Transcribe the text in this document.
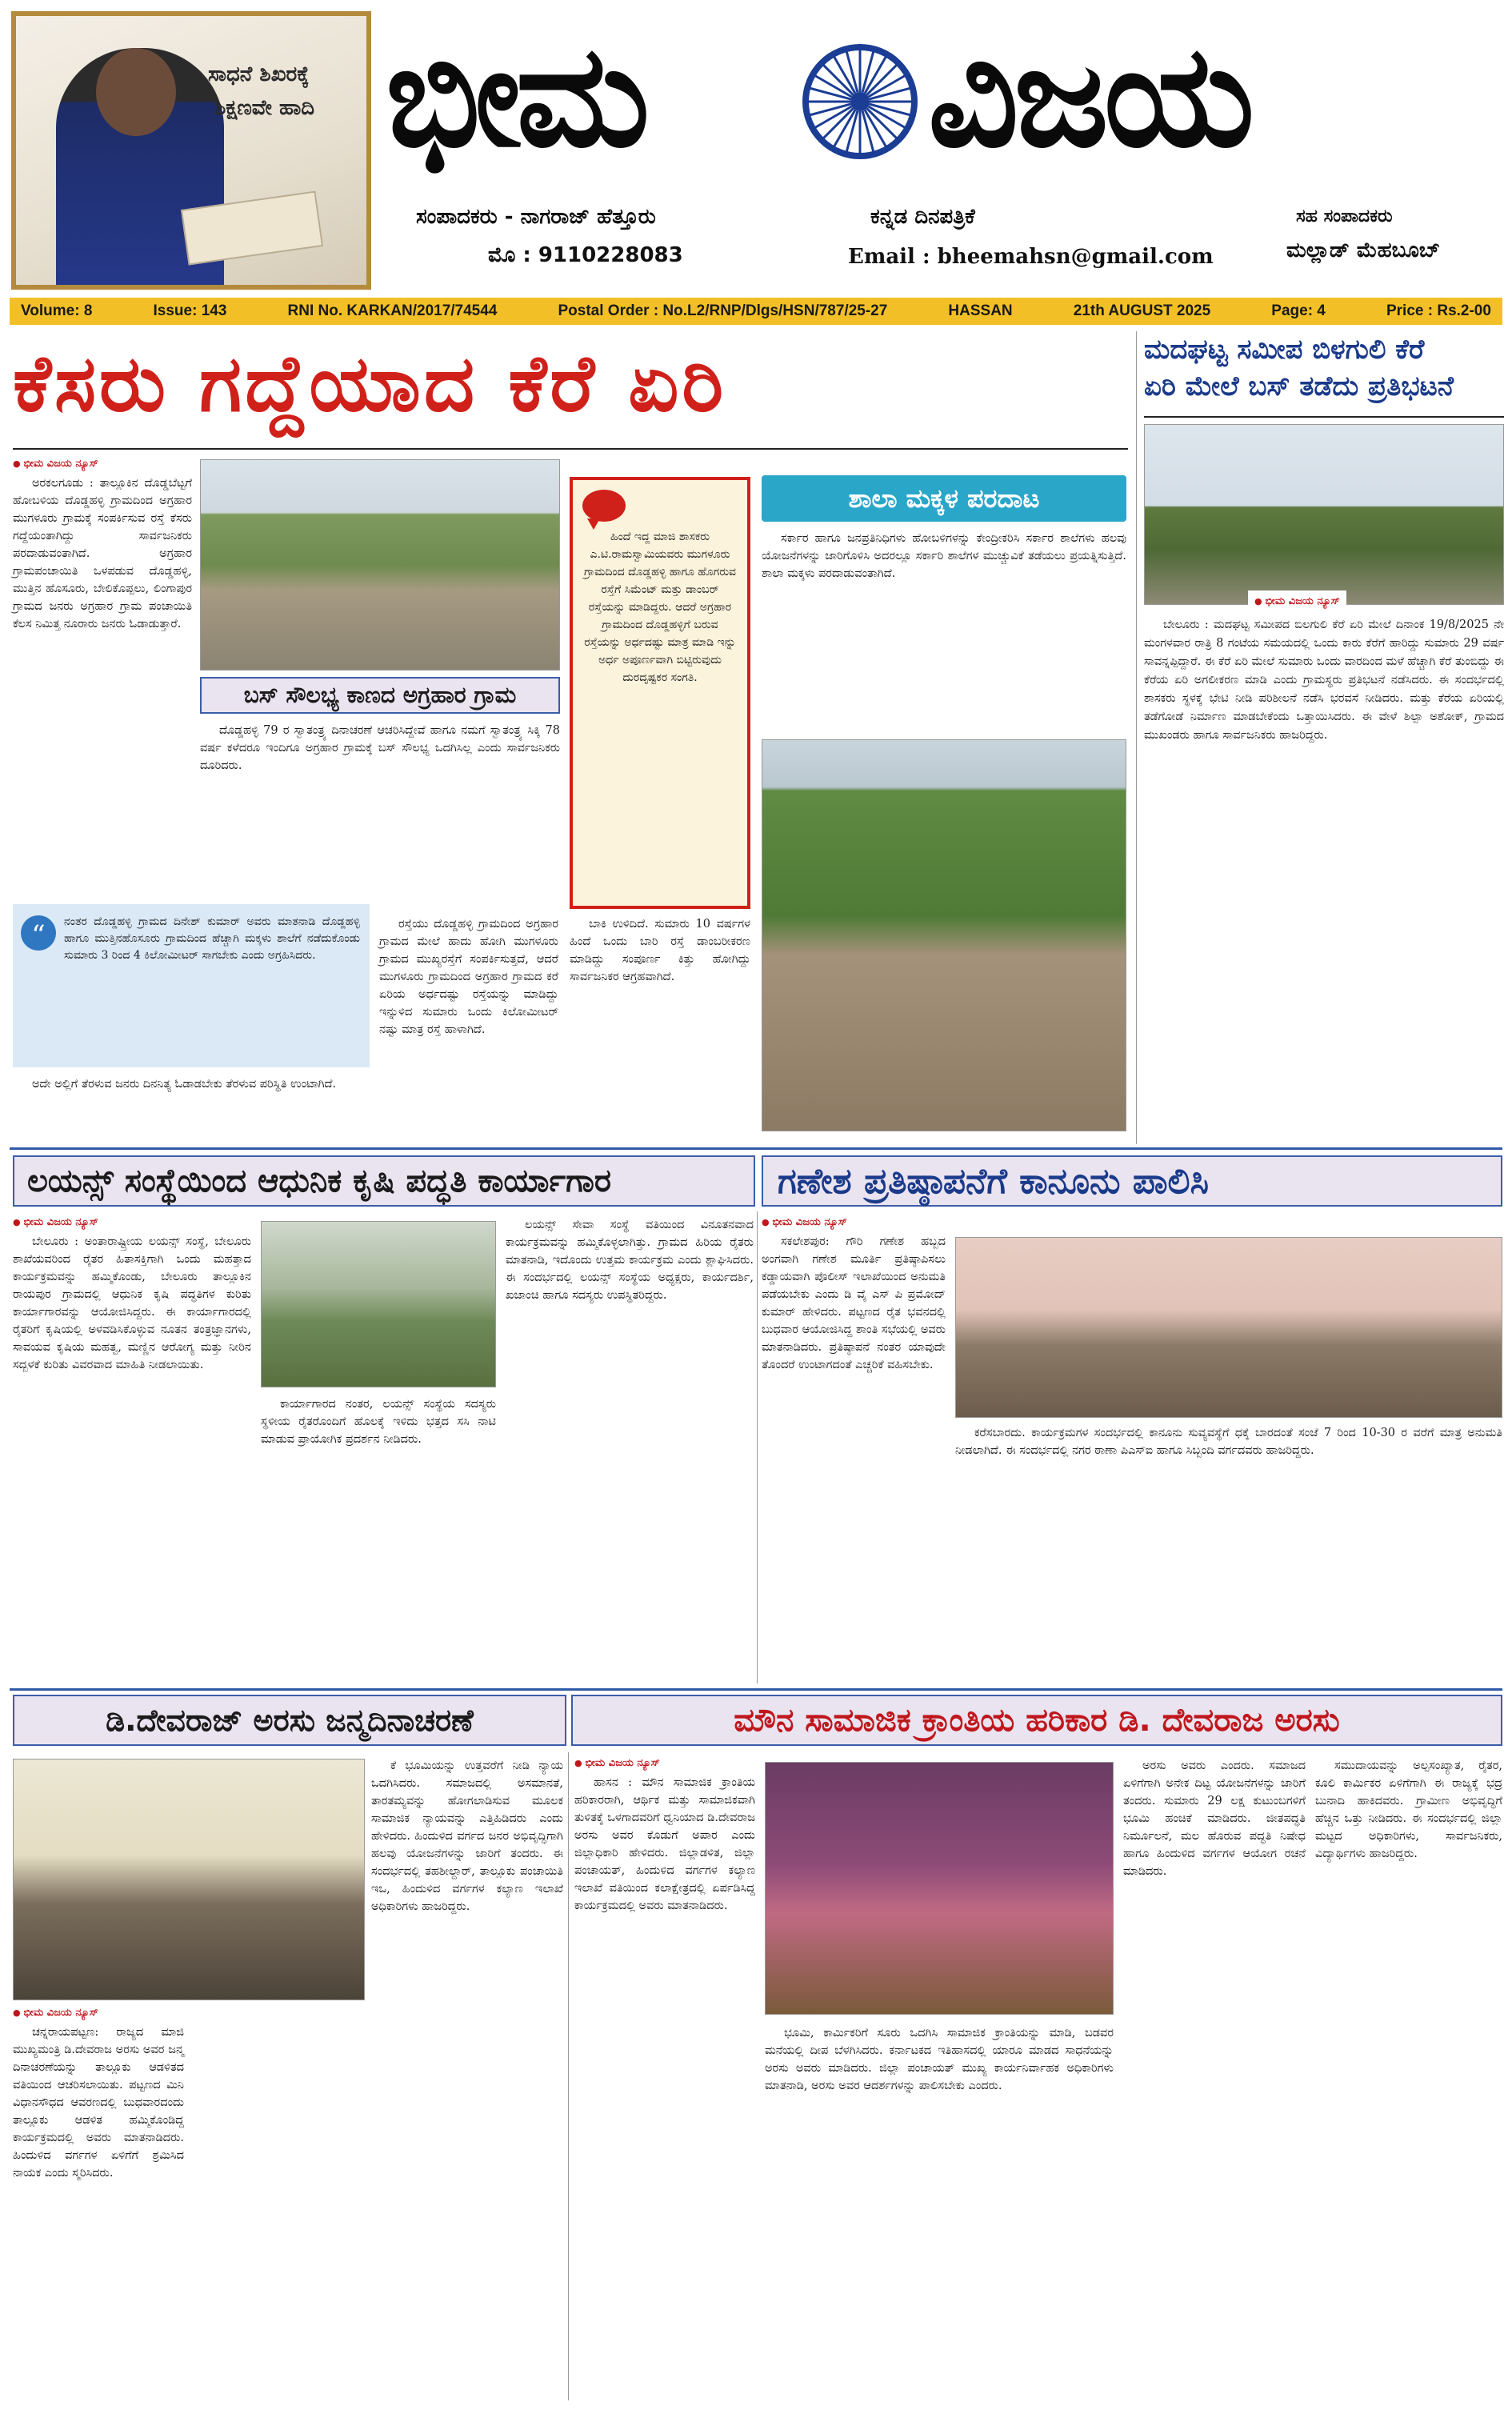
ಸಾಧನೆ ಶಿಖರಕ್ಕೆ
ಶಿಕ್ಷಣವೇ ಹಾದಿ ಭೀಮ ವಿಜಯ
ಸಂಪಾದಕರು - ನಾಗರಾಜ್ ಹೆತ್ತೂರು	ಕನ್ನಡ ದಿನಪತ್ರಿಕೆ	ಸಹ ಸಂಪಾದಕರು
ಮೊ : 9110228083	Email : bheemahsn@gmail.com	ಮಲ್ಲಾಡ್ ಮೆಹಬೂಬ್
Volume: 8	Issue: 143	RNI No. KARKAN/2017/74544	Postal Order : No.L2/RNP/Dlgs/HSN/787/25-27	HASSAN	21th AUGUST 2025	Page: 4	Price : Rs.2-00
ಕೆಸರು ಗದ್ದೆಯಾದ ಕೆರೆ ಏರಿ
● ಭೀಮ ವಿಜಯ ನ್ಯೂಸ್

ಅರಕಲಗೂಡು : ತಾಲ್ಲೂಕಿನ ದೊಡ್ಡಬೆಟ್ಟಗೆ ಹೋಬಳಿಯ ದೊಡ್ಡಹಳ್ಳಿ ಗ್ರಾಮದಿಂದ ಅಗ್ರಹಾರ ಮುಗಳೂರು ಗ್ರಾಮಕ್ಕೆ ಸಂಪರ್ಕಿಸುವ ರಸ್ತೆ ಕೆಸರು ಗದ್ದೆಯಂತಾಗಿದ್ದು ಸಾರ್ವಜನಿಕರು ಪರದಾಡುವಂತಾಗಿದೆ. ಅಗ್ರಹಾರ ಗ್ರಾಮಪಂಚಾಯಿತಿ ಒಳಪಡುವ ದೊಡ್ಡಹಳ್ಳಿ, ಮುತ್ತಿನ ಹೊಸೂರು, ಬೇಲಿಕೊಪ್ಪಲು, ಲಿಂಗಾಪುರ ಗ್ರಾಮದ ಜನರು ಅಗ್ರಹಾರ ಗ್ರಾಮ ಪಂಚಾಯಿತಿ ಕೆಲಸ ನಿಮಿತ್ತ ನೂರಾರು ಜನರು ಓಡಾಡುತ್ತಾರೆ.

ಬಸ್ ಸೌಲಭ್ಯ ಕಾಣದ ಅಗ್ರಹಾರ ಗ್ರಾಮ

ದೊಡ್ಡಹಳ್ಳಿ 79 ರ ಸ್ವಾತಂತ್ರ್ಯ ದಿನಾಚರಣೆ ಆಚರಿಸಿದ್ದೇವೆ ಹಾಗೂ ನಮಗೆ ಸ್ವಾತಂತ್ರ್ಯ ಸಿಕ್ಕಿ 78 ವರ್ಷ ಕಳೆದರೂ ಇಂದಿಗೂ ಅಗ್ರಹಾರ ಗ್ರಾಮಕ್ಕೆ ಬಸ್ ಸೌಲಭ್ಯ ಒದಗಿಸಿಲ್ಲ ಎಂದು ಸಾರ್ವಜನಿಕರು ದೂರಿದರು.

“	ನಂತರ ದೊಡ್ಡಹಳ್ಳಿ ಗ್ರಾಮದ ದಿನೇಶ್ ಕುಮಾರ್ ಅವರು ಮಾತನಾಡಿ ದೊಡ್ಡಹಳ್ಳಿ ಹಾಗೂ ಮುತ್ತಿನಹೊಸೂರು ಗ್ರಾಮದಿಂದ ಹೆಚ್ಚಾಗಿ ಮಕ್ಕಳು ಶಾಲೆಗೆ ನಡೆದುಕೊಂಡು ಸುಮಾರು 3 ರಿಂದ 4 ಕಿಲೋಮೀಟರ್ ಸಾಗಬೇಕು ಎಂದು ಅಗ್ರಹಿಸಿದರು.

ಅದೇ ಅಲ್ಲಿಗೆ ತೆರಳುವ ಜನರು ದಿನನಿತ್ಯ ಓಡಾಡಬೇಕು ತೆರಳುವ ಪರಿಸ್ಥಿತಿ ಉಂಟಾಗಿದೆ.

ರಸ್ತೆಯು ದೊಡ್ಡಹಳ್ಳಿ ಗ್ರಾಮದಿಂದ ಅಗ್ರಹಾರ ಗ್ರಾಮದ ಮೇಲೆ ಹಾದು ಹೋಗಿ ಮುಗಳೂರು ಗ್ರಾಮದ ಮುಖ್ಯರಸ್ತೆಗೆ ಸಂಪರ್ಕಿಸುತ್ತದೆ, ಆದರೆ ಮುಗಳೂರು ಗ್ರಾಮದಿಂದ ಅಗ್ರಹಾರ ಗ್ರಾಮದ ಕರೆ ಏರಿಯ ಅರ್ಧದಷ್ಟು ರಸ್ತೆಯನ್ನು ಮಾಡಿದ್ದು ಇನ್ನುಳಿದ ಸುಮಾರು ಒಂದು ಕಿಲೋಮೀಟರ್ ನಷ್ಟು ಮಾತ್ರ ರಸ್ತೆ ಹಾಳಾಗಿದೆ.

ಹಿಂದೆ ಇದ್ದ ಮಾಜಿ ಶಾಸಕರು ಎ.ಟಿ.ರಾಮಸ್ವಾಮಿಯವರು ಮುಗಳೂರು ಗ್ರಾಮದಿಂದ ದೊಡ್ಡಹಳ್ಳಿ ಹಾಗೂ ಹೊಗರುವ ರಸ್ತೆಗೆ ಸಿಮೆಂಟ್ ಮತ್ತು ಡಾಂಬರ್ ರಸ್ತೆಯನ್ನು ಮಾಡಿದ್ದರು. ಆದರೆ ಅಗ್ರಹಾರ ಗ್ರಾಮದಿಂದ ದೊಡ್ಡಹಳ್ಳಿಗೆ ಬರುವ ರಸ್ತೆಯನ್ನು ಅರ್ಧದಷ್ಟು ಮಾತ್ರ ಮಾಡಿ ಇನ್ನು ಅರ್ಧ ಅಪೂರ್ಣವಾಗಿ ಬಿಟ್ಟಿರುವುದು ದುರದೃಷ್ಟಕರ ಸಂಗತಿ.

ಬಾಕಿ ಉಳಿದಿದೆ. ಸುಮಾರು 10 ವರ್ಷಗಳ ಹಿಂದೆ ಒಂದು ಬಾರಿ ರಸ್ತೆ ಡಾಂಬರೀಕರಣ ಮಾಡಿದ್ದು ಸಂಪೂರ್ಣ ಕಿತ್ತು ಹೋಗಿದ್ದು ಸಾರ್ವಜನಿಕರ ಆಗ್ರಹವಾಗಿದೆ.

ಶಾಲಾ ಮಕ್ಕಳ ಪರದಾಟ

ಸರ್ಕಾರ ಹಾಗೂ ಜನಪ್ರತಿನಿಧಿಗಳು ಹೋಬಳಿಗಳನ್ನು ಕೇಂದ್ರೀಕರಿಸಿ ಸರ್ಕಾರ ಶಾಲೆಗಳು ಹಲವು ಯೋಜನೆಗಳನ್ನು ಜಾರಿಗೊಳಿಸಿ ಅದರಲ್ಲೂ ಸರ್ಕಾರಿ ಶಾಲೆಗಳ ಮುಚ್ಚುವಿಕೆ ತಡೆಯಲು ಪ್ರಯತ್ನಿಸುತ್ತಿದೆ. ಶಾಲಾ ಮಕ್ಕಳು ಪರದಾಡುವಂತಾಗಿದೆ.

ಮದಘಟ್ಟ ಸಮೀಪ ಬಿಳಗುಲಿ ಕೆರೆ
ಏರಿ ಮೇಲೆ ಬಸ್ ತಡೆದು ಪ್ರತಿಭಟನೆ
● ಭೀಮ ವಿಜಯ ನ್ಯೂಸ್

ಬೇಲೂರು : ಮದಘಟ್ಟ ಸಮೀಪದ ಬಿಲಗುಲಿ ಕೆರೆ ಏರಿ ಮೇಲೆ ದಿನಾಂಕ 19/8/2025 ನೇ ಮಂಗಳವಾರ ರಾತ್ರಿ 8 ಗಂಟೆಯ ಸಮಯದಲ್ಲಿ ಒಂದು ಕಾರು ಕೆರೆಗೆ ಹಾರಿದ್ದು ಸುಮಾರು 29 ವರ್ಷ ಸಾವನ್ನಪ್ಪಿದ್ದಾರೆ. ಈ ಕೆರೆ ಏರಿ ಮೇಲೆ ಸುಮಾರು ಒಂದು ವಾರದಿಂದ ಮಳೆ ಹೆಚ್ಚಾಗಿ ಕೆರೆ ತುಂಬಿದ್ದು ಈ ಕೆರೆಯ ಏರಿ ಅಗಲೀಕರಣ ಮಾಡಿ ಎಂದು ಗ್ರಾಮಸ್ಥರು ಪ್ರತಿಭಟನೆ ನಡೆಸಿದರು. ಈ ಸಂದರ್ಭದಲ್ಲಿ ಶಾಸಕರು ಸ್ಥಳಕ್ಕೆ ಭೇಟಿ ನೀಡಿ ಪರಿಶೀಲನೆ ನಡೆಸಿ ಭರವಸೆ ನೀಡಿದರು. ಮತ್ತು ಕೆರೆಯ ಏರಿಯಲ್ಲಿ ತಡೆಗೋಡೆ ನಿರ್ಮಾಣ ಮಾಡಬೇಕೆಂದು ಒತ್ತಾಯಿಸಿದರು. ಈ ವೇಳೆ ಶಿಲ್ಪಾ ಅಶೋಕ್, ಗ್ರಾಮದ ಮುಖಂಡರು ಹಾಗೂ ಸಾರ್ವಜನಿಕರು ಹಾಜರಿದ್ದರು.

ಲಯನ್ಸ್ ಸಂಸ್ಥೆಯಿಂದ ಆಧುನಿಕ ಕೃಷಿ ಪದ್ಧತಿ ಕಾರ್ಯಾಗಾರ	ಗಣೇಶ ಪ್ರತಿಷ್ಠಾಪನೆಗೆ ಕಾನೂನು ಪಾಲಿಸಿ
● ಭೀಮ ವಿಜಯ ನ್ಯೂಸ್

ಬೇಲೂರು : ಅಂತಾರಾಷ್ಟ್ರೀಯ ಲಯನ್ಸ್ ಸಂಸ್ಥೆ, ಬೇಲೂರು ಶಾಖೆಯವರಿಂದ ರೈತರ ಹಿತಾಸಕ್ತಿಗಾಗಿ ಒಂದು ಮಹತ್ತಾದ ಕಾರ್ಯಕ್ರಮವನ್ನು ಹಮ್ಮಿಕೊಂಡು, ಬೇಲೂರು ತಾಲ್ಲೂಕಿನ ರಾಯಪುರ ಗ್ರಾಮದಲ್ಲಿ ಆಧುನಿಕ ಕೃಷಿ ಪದ್ಧತಿಗಳ ಕುರಿತು ಕಾರ್ಯಾಗಾರವನ್ನು ಆಯೋಜಿಸಿದ್ದರು. ಈ ಕಾರ್ಯಾಗಾರದಲ್ಲಿ ರೈತರಿಗೆ ಕೃಷಿಯಲ್ಲಿ ಅಳವಡಿಸಿಕೊಳ್ಳುವ ನೂತನ ತಂತ್ರಜ್ಞಾನಗಳು, ಸಾವಯವ ಕೃಷಿಯ ಮಹತ್ವ, ಮಣ್ಣಿನ ಆರೋಗ್ಯ ಮತ್ತು ನೀರಿನ ಸದ್ಬಳಕೆ ಕುರಿತು ವಿವರವಾದ ಮಾಹಿತಿ ನೀಡಲಾಯಿತು.

ಕಾರ್ಯಾಗಾರದ ನಂತರ, ಲಯನ್ಸ್ ಸಂಸ್ಥೆಯ ಸದಸ್ಯರು ಸ್ಥಳೀಯ ರೈತರೊಂದಿಗೆ ಹೊಲಕ್ಕೆ ಇಳಿದು ಭತ್ತದ ಸಸಿ ನಾಟಿ ಮಾಡುವ ಪ್ರಾಯೋಗಿಕ ಪ್ರದರ್ಶನ ನೀಡಿದರು.

ಲಯನ್ಸ್ ಸೇವಾ ಸಂಸ್ಥೆ ವತಿಯಿಂದ ವಿನೂತನವಾದ ಕಾರ್ಯಕ್ರಮವನ್ನು ಹಮ್ಮಿಕೊಳ್ಳಲಾಗಿತ್ತು. ಗ್ರಾಮದ ಹಿರಿಯ ರೈತರು ಮಾತನಾಡಿ, ಇದೊಂದು ಉತ್ತಮ ಕಾರ್ಯಕ್ರಮ ಎಂದು ಶ್ಲಾಘಿಸಿದರು. ಈ ಸಂದರ್ಭದಲ್ಲಿ ಲಯನ್ಸ್ ಸಂಸ್ಥೆಯ ಅಧ್ಯಕ್ಷರು, ಕಾರ್ಯದರ್ಶಿ, ಖಜಾಂಚಿ ಹಾಗೂ ಸದಸ್ಯರು ಉಪಸ್ಥಿತರಿದ್ದರು.

● ಭೀಮ ವಿಜಯ ನ್ಯೂಸ್

ಸಕಲೇಶಪುರ: ಗೌರಿ ಗಣೇಶ ಹಬ್ಬದ ಅಂಗವಾಗಿ ಗಣೇಶ ಮೂರ್ತಿ ಪ್ರತಿಷ್ಠಾಪಿಸಲು ಕಡ್ಡಾಯವಾಗಿ ಪೊಲೀಸ್ ಇಲಾಖೆಯಿಂದ ಅನುಮತಿ ಪಡೆಯಬೇಕು ಎಂದು ಡಿ ವೈ ಎಸ್ ಪಿ ಪ್ರಮೋದ್ ಕುಮಾರ್ ಹೇಳಿದರು. ಪಟ್ಟಣದ ರೈತ ಭವನದಲ್ಲಿ ಬುಧವಾರ ಆಯೋಜಿಸಿದ್ದ ಶಾಂತಿ ಸಭೆಯಲ್ಲಿ ಅವರು ಮಾತನಾಡಿದರು. ಪ್ರತಿಷ್ಠಾಪನೆ ನಂತರ ಯಾವುದೇ ತೊಂದರೆ ಉಂಟಾಗದಂತೆ ಎಚ್ಚರಿಕೆ ವಹಿಸಬೇಕು.

ಕರೆಸಬಾರದು. ಕಾರ್ಯಕ್ರಮಗಳ ಸಂದರ್ಭದಲ್ಲಿ ಕಾನೂನು ಸುವ್ಯವಸ್ಥೆಗೆ ಧಕ್ಕೆ ಬಾರದಂತೆ ಸಂಜೆ 7 ರಿಂದ 10-30 ರ ವರೆಗೆ ಮಾತ್ರ ಅನುಮತಿ ನೀಡಲಾಗಿದೆ. ಈ ಸಂದರ್ಭದಲ್ಲಿ ನಗರ ಠಾಣಾ ಪಿಎಸ್ಐ ಹಾಗೂ ಸಿಬ್ಬಂದಿ ವರ್ಗದವರು ಹಾಜರಿದ್ದರು.

ಡಿ.ದೇವರಾಜ್ ಅರಸು ಜನ್ಮದಿನಾಚರಣೆ	ಮೌನ ಸಾಮಾಜಿಕ ಕ್ರಾಂತಿಯ ಹರಿಕಾರ ಡಿ. ದೇವರಾಜ ಅರಸು
● ಭೀಮ ವಿಜಯ ನ್ಯೂಸ್

ಚನ್ನರಾಯಪಟ್ಟಣ: ರಾಜ್ಯದ ಮಾಜಿ ಮುಖ್ಯಮಂತ್ರಿ ಡಿ.ದೇವರಾಜ ಅರಸು ಅವರ ಜನ್ಮ ದಿನಾಚರಣೆಯನ್ನು ತಾಲ್ಲೂಕು ಆಡಳಿತದ ವತಿಯಿಂದ ಆಚರಿಸಲಾಯಿತು. ಪಟ್ಟಣದ ಮಿನಿ ವಿಧಾನಸೌಧದ ಆವರಣದಲ್ಲಿ ಬುಧವಾರದಂದು ತಾಲ್ಲೂಕು ಆಡಳಿತ ಹಮ್ಮಿಕೊಂಡಿದ್ದ ಕಾರ್ಯಕ್ರಮದಲ್ಲಿ ಅವರು ಮಾತನಾಡಿದರು. ಹಿಂದುಳಿದ ವರ್ಗಗಳ ಏಳಿಗೆಗೆ ಶ್ರಮಿಸಿದ ನಾಯಕ ಎಂದು ಸ್ಮರಿಸಿದರು.

ಕೆ ಭೂಮಿಯನ್ನು ಉತ್ತವರೆಗೆ ನೀಡಿ ನ್ಯಾಯ ಒದಗಿಸಿದರು. ಸಮಾಜದಲ್ಲಿ ಅಸಮಾನತೆ, ತಾರತಮ್ಯವನ್ನು ಹೋಗಲಾಡಿಸುವ ಮೂಲಕ ಸಾಮಾಜಿಕ ನ್ಯಾಯವನ್ನು ಎತ್ತಿಹಿಡಿದರು ಎಂದು ಹೇಳಿದರು. ಹಿಂದುಳಿದ ವರ್ಗದ ಜನರ ಅಭಿವೃದ್ಧಿಗಾಗಿ ಹಲವು ಯೋಜನೆಗಳನ್ನು ಜಾರಿಗೆ ತಂದರು. ಈ ಸಂದರ್ಭದಲ್ಲಿ ತಹಶೀಲ್ದಾರ್, ತಾಲ್ಲೂಕು ಪಂಚಾಯಿತಿ ಇಒ, ಹಿಂದುಳಿದ ವರ್ಗಗಳ ಕಲ್ಯಾಣ ಇಲಾಖೆ ಅಧಿಕಾರಿಗಳು ಹಾಜರಿದ್ದರು.

● ಭೀಮ ವಿಜಯ ನ್ಯೂಸ್

ಹಾಸನ : ಮೌನ ಸಾಮಾಜಿಕ ಕ್ರಾಂತಿಯ ಹರಿಕಾರರಾಗಿ, ಆರ್ಥಿಕ ಮತ್ತು ಸಾಮಾಜಿಕವಾಗಿ ತುಳಿತಕ್ಕೆ ಒಳಗಾದವರಿಗೆ ಧ್ವನಿಯಾದ ಡಿ.ದೇವರಾಜ ಅರಸು ಅವರ ಕೊಡುಗೆ ಅಪಾರ ಎಂದು ಜಿಲ್ಲಾಧಿಕಾರಿ ಹೇಳಿದರು. ಜಿಲ್ಲಾಡಳಿತ, ಜಿಲ್ಲಾ ಪಂಚಾಯತ್, ಹಿಂದುಳಿದ ವರ್ಗಗಳ ಕಲ್ಯಾಣ ಇಲಾಖೆ ವತಿಯಿಂದ ಕಲಾಕ್ಷೇತ್ರದಲ್ಲಿ ಏರ್ಪಡಿಸಿದ್ದ ಕಾರ್ಯಕ್ರಮದಲ್ಲಿ ಅವರು ಮಾತನಾಡಿದರು.

ಭೂಮಿ, ಕಾರ್ಮಿಕರಿಗೆ ಸೂರು ಒದಗಿಸಿ ಸಾಮಾಜಿಕ ಕ್ರಾಂತಿಯನ್ನು ಮಾಡಿ, ಬಡವರ ಮನೆಯಲ್ಲಿ ದೀಪ ಬೆಳಗಿಸಿದರು. ಕರ್ನಾಟಕದ ಇತಿಹಾಸದಲ್ಲಿ ಯಾರೂ ಮಾಡದ ಸಾಧನೆಯನ್ನು ಅರಸು ಅವರು ಮಾಡಿದರು. ಜಿಲ್ಲಾ ಪಂಚಾಯತ್ ಮುಖ್ಯ ಕಾರ್ಯನಿರ್ವಾಹಕ ಅಧಿಕಾರಿಗಳು ಮಾತನಾಡಿ, ಅರಸು ಅವರ ಆದರ್ಶಗಳನ್ನು ಪಾಲಿಸಬೇಕು ಎಂದರು.

ಅರಸು ಅವರು ಎಂದರು. ಸಮಾಜದ ಏಳಿಗೆಗಾಗಿ ಅನೇಕ ದಿಟ್ಟ ಯೋಜನೆಗಳನ್ನು ಜಾರಿಗೆ ತಂದರು. ಸುಮಾರು 29 ಲಕ್ಷ ಕುಟುಂಬಗಳಿಗೆ ಭೂಮಿ ಹಂಚಿಕೆ ಮಾಡಿದರು. ಜೀತಪದ್ಧತಿ ನಿರ್ಮೂಲನೆ, ಮಲ ಹೊರುವ ಪದ್ಧತಿ ನಿಷೇಧ ಹಾಗೂ ಹಿಂದುಳಿದ ವರ್ಗಗಳ ಆಯೋಗ ರಚನೆ ಮಾಡಿದರು.

ಸಮುದಾಯವನ್ನು ಅಲ್ಪಸಂಖ್ಯಾತ, ರೈತರ, ಕೂಲಿ ಕಾರ್ಮಿಕರ ಏಳಿಗೆಗಾಗಿ ಈ ರಾಜ್ಯಕ್ಕೆ ಭದ್ರ ಬುನಾದಿ ಹಾಕಿದವರು. ಗ್ರಾಮೀಣ ಅಭಿವೃದ್ಧಿಗೆ ಹೆಚ್ಚಿನ ಒತ್ತು ನೀಡಿದರು. ಈ ಸಂದರ್ಭದಲ್ಲಿ ಜಿಲ್ಲಾ ಮಟ್ಟದ ಅಧಿಕಾರಿಗಳು, ಸಾರ್ವಜನಿಕರು, ವಿದ್ಯಾರ್ಥಿಗಳು ಹಾಜರಿದ್ದರು.
